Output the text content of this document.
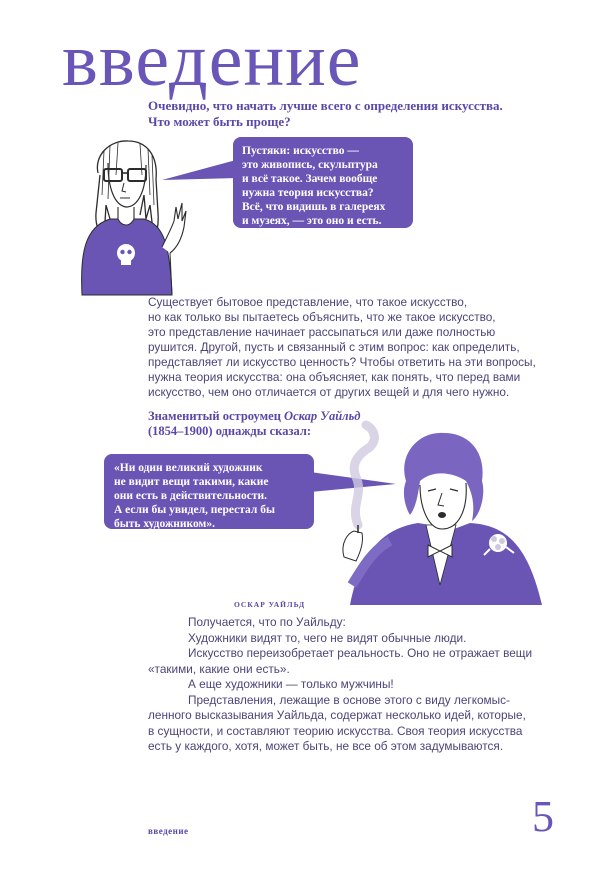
введение
Очевидно, что начать лучше всего с определения искусства.
Что может быть проще?
Пустяки: искусство —
это живопись, скульптура
и всё такое. Зачем вообще
нужна теория искусства?
Всё, что видишь в галереях
и музеях, — это оно и есть.

Существует бытовое представление, что такое искусство,

но как только вы пытаетесь объяснить, что же такое искусство,

это представление начинает рассыпаться или даже полностью

рушится. Другой, пусть и связанный с этим вопрос: как определить,

представляет ли искусство ценность? Чтобы ответить на эти вопросы,

нужна теория искусства: она объясняет, как понять, что перед вами

искусство, чем оно отличается от других вещей и для чего нужно.

Знаменитый остроумец Оскар Уайльд
(1854–1900) однажды сказал:
«Ни один великий художник
не видит вещи такими, какие
они есть в действительности.
А если бы увидел, перестал бы
быть художником».
ОСКАР УАЙЛЬД

Получается, что по Уайльду:

Художники видят то, чего не видят обычные люди.

Искусство переизобретает реальность. Оно не отражает вещи

«такими, какие они есть».

А еще художники — только мужчины!

Представления, лежащие в основе этого с виду легкомыс-

ленного высказывания Уайльда, содержат несколько идей, которые,

в сущности, и составляют теорию искусства. Своя теория искусства

есть у каждого, хотя, может быть, не все об этом задумываются.

введение	5
